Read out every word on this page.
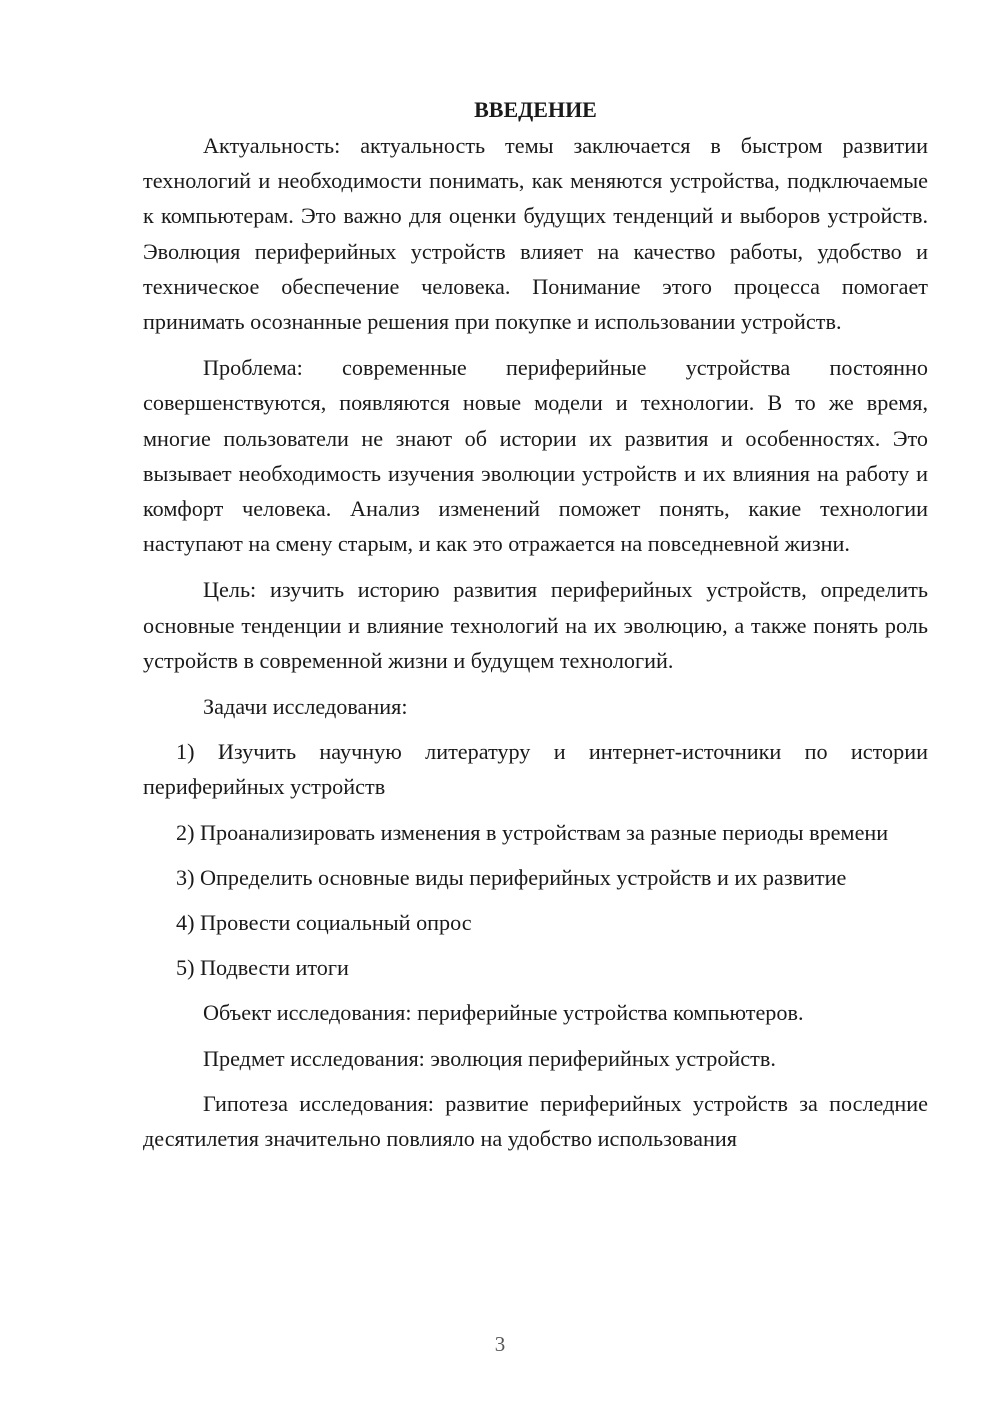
ВВЕДЕНИЕ

Актуальность: актуальность темы заключается в быстром развитии технологий и необходимости понимать, как меняются устройства, подключаемые к компьютерам. Это важно для оценки будущих тенденций и выборов устройств. Эволюция периферийных устройств влияет на качество работы, удобство и техническое обеспечение человека. Понимание этого процесса помогает принимать осознанные решения при покупке и использовании устройств.

Проблема: современные периферийные устройства постоянно совершенствуются, появляются новые модели и технологии. В то же время, многие пользователи не знают об истории их развития и особенностях. Это вызывает необходимость изучения эволюции устройств и их влияния на работу и комфорт человека. Анализ изменений поможет понять, какие технологии наступают на смену старым, и как это отражается на повседневной жизни.

Цель: изучить историю развития периферийных устройств, определить основные тенденции и влияние технологий на их эволюцию, а также понять роль устройств в современной жизни и будущем технологий.

Задачи исследования:

1) Изучить научную литературу и интернет-источники по истории периферийных устройств

2) Проанализировать изменения в устройствам за разные периоды времени

3) Определить основные виды периферийных устройств и их развитие

4) Провести социальный опрос

5) Подвести итоги

Объект исследования: периферийные устройства компьютеров.

Предмет исследования: эволюция периферийных устройств.

Гипотеза исследования: развитие периферийных устройств за последние десятилетия значительно повлияло на удобство использования

3
